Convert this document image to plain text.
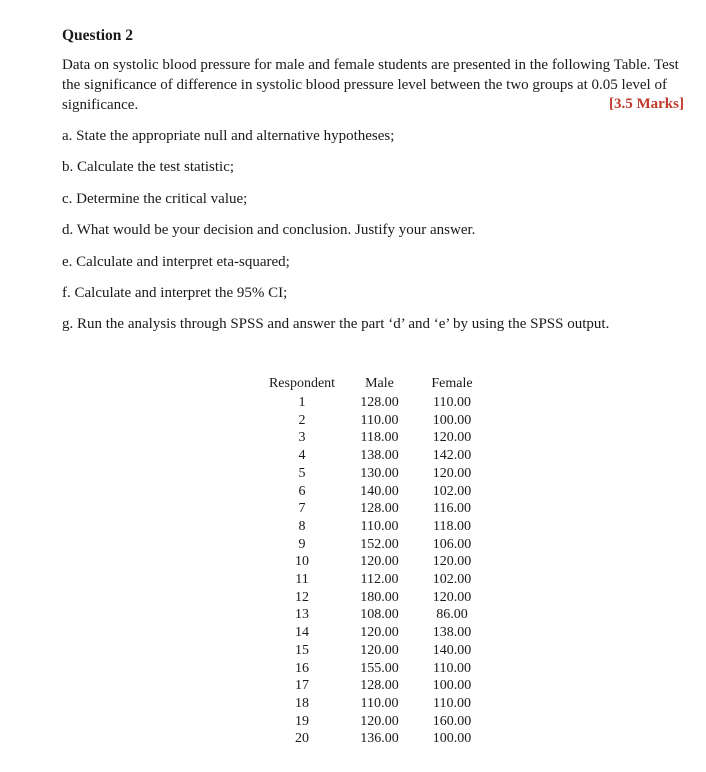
Question 2
Data on systolic blood pressure for male and female students are presented in the following Table. Test
the significance of difference in systolic blood pressure level between the two groups at 0.05 level of
significance.	[3.5 Marks]
a. State the appropriate null and alternative hypotheses;
b. Calculate the test statistic;
c. Determine the critical value;
d. What would be your decision and conclusion. Justify your answer.
e. Calculate and interpret eta-squared;
f. Calculate and interpret the 95% CI;
g. Run the analysis through SPSS and answer the part ‘d’ and ‘e’ by using the SPSS output.
Respondent	Male	Female
1	128.00	110.00
2	110.00	100.00
3	118.00	120.00
4	138.00	142.00
5	130.00	120.00
6	140.00	102.00
7	128.00	116.00
8	110.00	118.00
9	152.00	106.00
10	120.00	120.00
11	112.00	102.00
12	180.00	120.00
13	108.00	86.00
14	120.00	138.00
15	120.00	140.00
16	155.00	110.00
17	128.00	100.00
18	110.00	110.00
19	120.00	160.00
20	136.00	100.00
